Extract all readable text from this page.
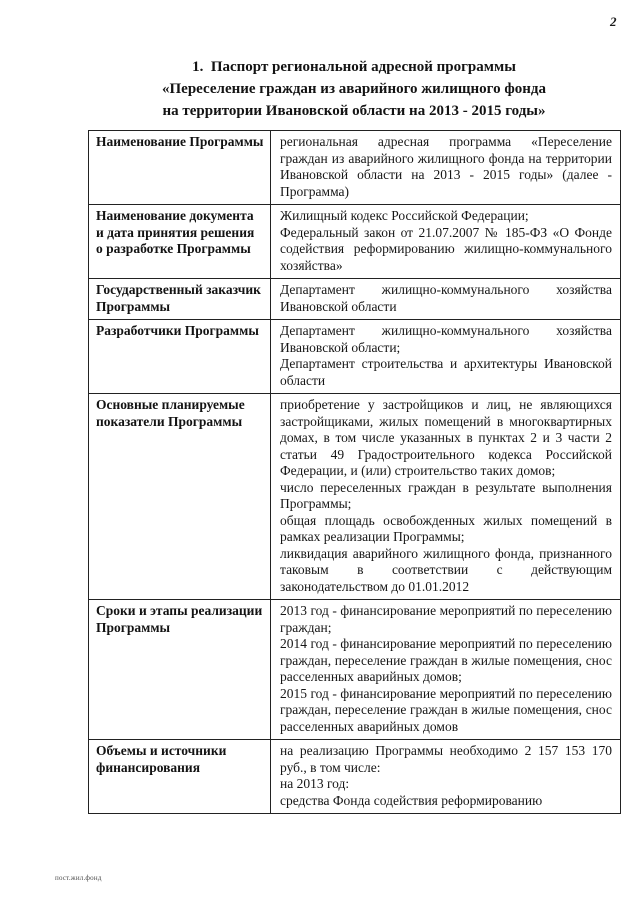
2
1.  Паспорт региональной адресной программы
«Переселение граждан из аварийного жилищного фонда
на территории Ивановской области на 2013 - 2015 годы»
Наименование Программы	региональная адресная программа «Переселение граждан из аварийного жилищного фонда на территории Ивановской области на 2013 - 2015 годы» (далее - Программа)

Наименование документа и дата принятия решения о разработке Программы	Жилищный кодекс Российской Федерации;

Федеральный закон от 21.07.2007 № 185-ФЗ «О Фонде содействия реформированию жилищно-коммунального хозяйства»

Государственный заказчик Программы	Департамент жилищно-коммунального хозяйства Ивановской области

Разработчики Программы	Департамент жилищно-коммунального хозяйства Ивановской области;

Департамент строительства и архитектуры Ивановской области

Основные планируемые показатели Программы	приобретение у застройщиков и лиц, не являющихся застройщиками, жилых помещений в многоквартирных домах, в том числе указанных в пунктах 2 и 3 части 2 статьи 49 Градостроительного кодекса Российской Федерации, и (или) строительство таких домов;

число переселенных граждан в результате выполнения Программы;

общая площадь освобожденных жилых помещений в рамках реализации Программы;

ликвидация аварийного жилищного фонда, признанного таковым в соответствии с действующим законодательством до 01.01.2012

Сроки и этапы реализации Программы	2013 год - финансирование мероприятий по переселению граждан;

2014 год - финансирование мероприятий по переселению граждан, переселение граждан в жилые помещения, снос расселенных аварийных домов;

2015 год - финансирование мероприятий по переселению граждан, переселение граждан в жилые помещения, снос расселенных аварийных домов

Объемы и источники финансирования	на реализацию Программы необходимо 2 157 153 170 руб., в том числе:

на 2013 год:

средства Фонда содействия реформированию

пост.жил.фонд
